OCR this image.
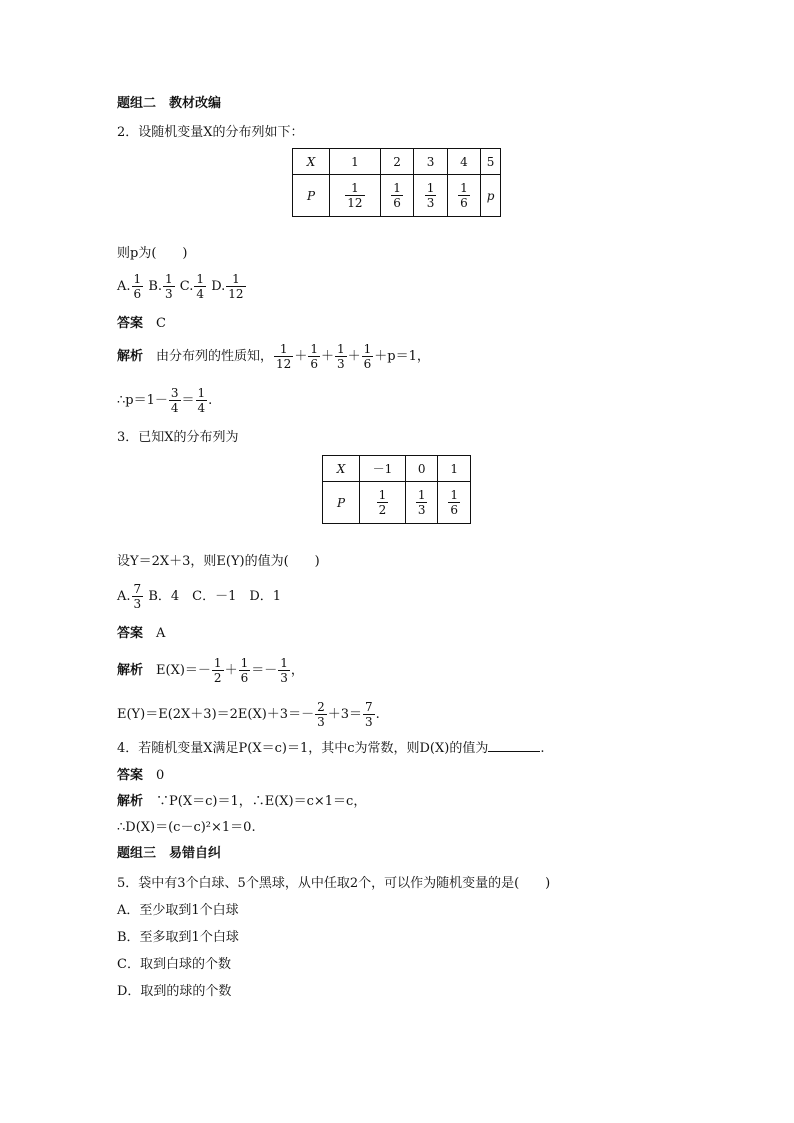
题组二　教材改编
2．设随机变量X的分布列如下：
X	1	2	3	4	5
P	$\frac{1}{12}$	$\frac{1}{6}$	$\frac{1}{3}$	$\frac{1}{6}$	p
则p为(　　)
A. $\frac{1}{6} B$. $\frac{1}{3} C$. $\frac{1}{4} D$. $\frac{1}{12}$
答案　 C
解析　 由分布列的性质知， $\frac{1}{12} + \frac{1}{6} + \frac{1}{3} + \frac{1}{6} +p=1$，
∴p＝1－ $\frac{3}{4} = \frac{1}{4}$ .
3．已知X的分布列为
X	－1	0	1
P	$\frac{1}{2}$	$\frac{1}{3}$	$\frac{1}{6}$
设Y＝2X＋3，则E(Y)的值为(　　)
A. $\frac{7}{3}$ B．4　C．－1　D．1
答案　 A
解析　 $E(X)=- \frac{1}{2} + \frac{1}{6} =- \frac{1}{3}$ ，
$E(Y)=E(2X+3)=2E(X)+3=- \frac{2}{3} +3= \frac{7}{3}$ .
4．若随机变量X满足P(X＝c)＝1，其中c为常数，则D(X)的值为	.
答案　 0
解析　 ∵P(X＝c)＝1，∴E(X)＝c×1＝c，
∴D(X)＝(c－c)²×1＝0.
题组三　易错自纠
5．袋中有3个白球、5个黑球，从中任取2个，可以作为随机变量的是(　　)
A．至少取到1个白球
B．至多取到1个白球
C．取到白球的个数
D．取到的球的个数
